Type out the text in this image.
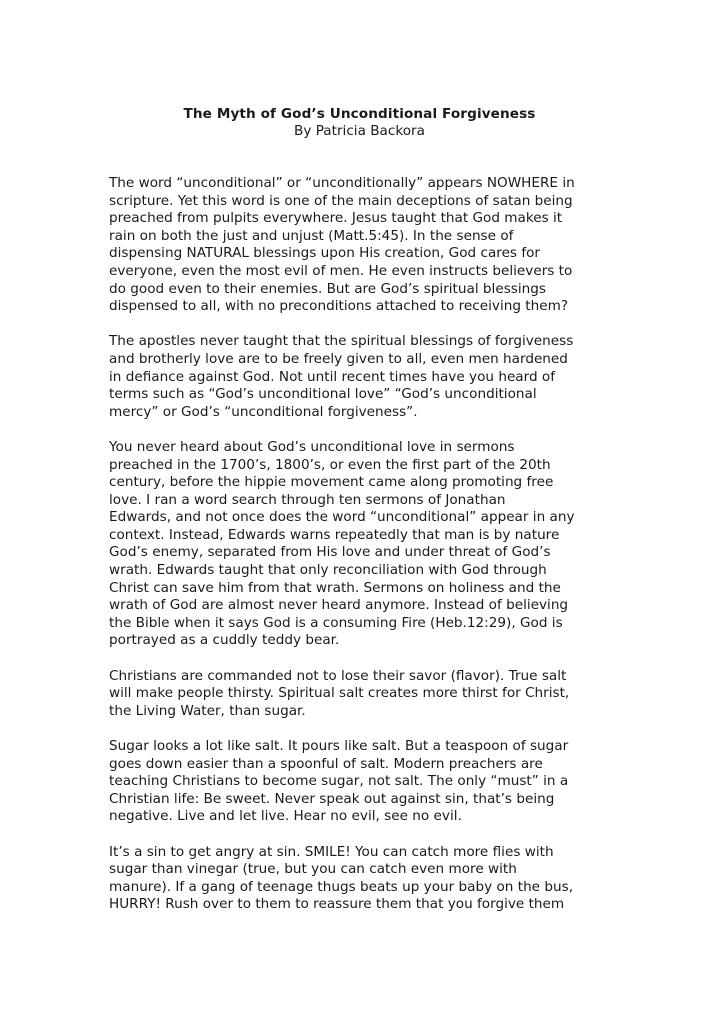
The Myth of God’s Unconditional Forgiveness
By Patricia Backora
The word “unconditional” or “unconditionally” appears NOWHERE in
scripture. Yet this word is one of the main deceptions of satan being
preached from pulpits everywhere. Jesus taught that God makes it
rain on both the just and unjust (Matt.5:45). In the sense of
dispensing NATURAL blessings upon His creation, God cares for
everyone, even the most evil of men. He even instructs believers to
do good even to their enemies. But are God’s spiritual blessings
dispensed to all, with no preconditions attached to receiving them?
The apostles never taught that the spiritual blessings of forgiveness
and brotherly love are to be freely given to all, even men hardened
in defiance against God. Not until recent times have you heard of
terms such as “God’s unconditional love” “God’s unconditional
mercy” or God’s “unconditional forgiveness”.
You never heard about God’s unconditional love in sermons
preached in the 1700’s, 1800’s, or even the first part of the 20th
century, before the hippie movement came along promoting free
love. I ran a word search through ten sermons of Jonathan
Edwards, and not once does the word “unconditional” appear in any
context. Instead, Edwards warns repeatedly that man is by nature
God’s enemy, separated from His love and under threat of God’s
wrath. Edwards taught that only reconciliation with God through
Christ can save him from that wrath. Sermons on holiness and the
wrath of God are almost never heard anymore. Instead of believing
the Bible when it says God is a consuming Fire (Heb.12:29), God is
portrayed as a cuddly teddy bear.
Christians are commanded not to lose their savor (flavor). True salt
will make people thirsty. Spiritual salt creates more thirst for Christ,
the Living Water, than sugar.
Sugar looks a lot like salt. It pours like salt. But a teaspoon of sugar
goes down easier than a spoonful of salt. Modern preachers are
teaching Christians to become sugar, not salt. The only “must” in a
Christian life: Be sweet. Never speak out against sin, that’s being
negative. Live and let live. Hear no evil, see no evil.
It’s a sin to get angry at sin. SMILE! You can catch more flies with
sugar than vinegar (true, but you can catch even more with
manure). If a gang of teenage thugs beats up your baby on the bus,
HURRY! Rush over to them to reassure them that you forgive them
